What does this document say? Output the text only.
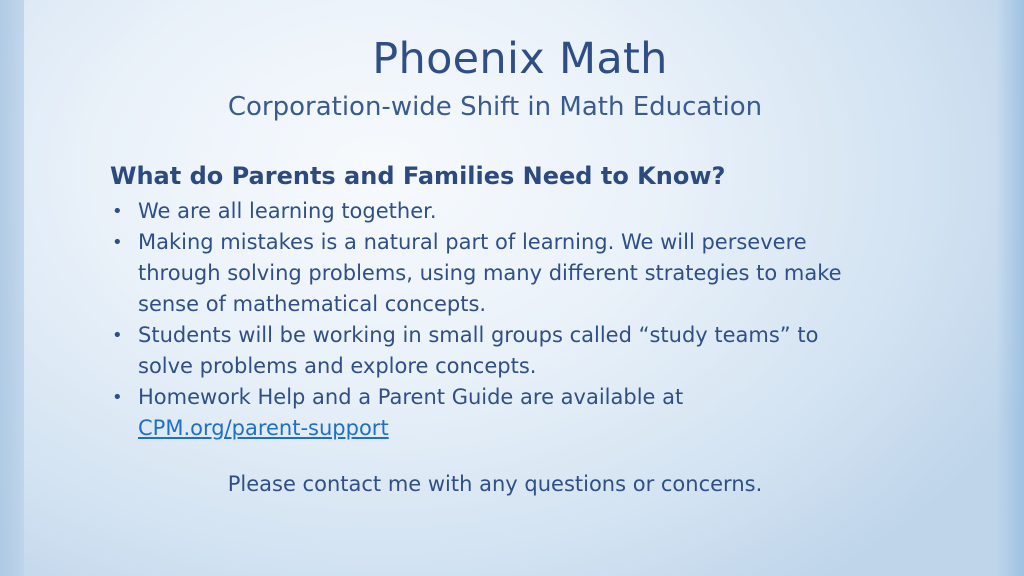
Phoenix Math
Corporation-wide Shift in Math Education
What do Parents and Families Need to Know?
• We are all learning together.
• Making mistakes is a natural part of learning. We will persevere through solving problems, using many different strategies to make sense of mathematical concepts.
• Students will be working in small groups called “study teams” to solve problems and explore concepts.
• Homework Help and a Parent Guide are available at
CPM.org/parent-support
Please contact me with any questions or concerns.
